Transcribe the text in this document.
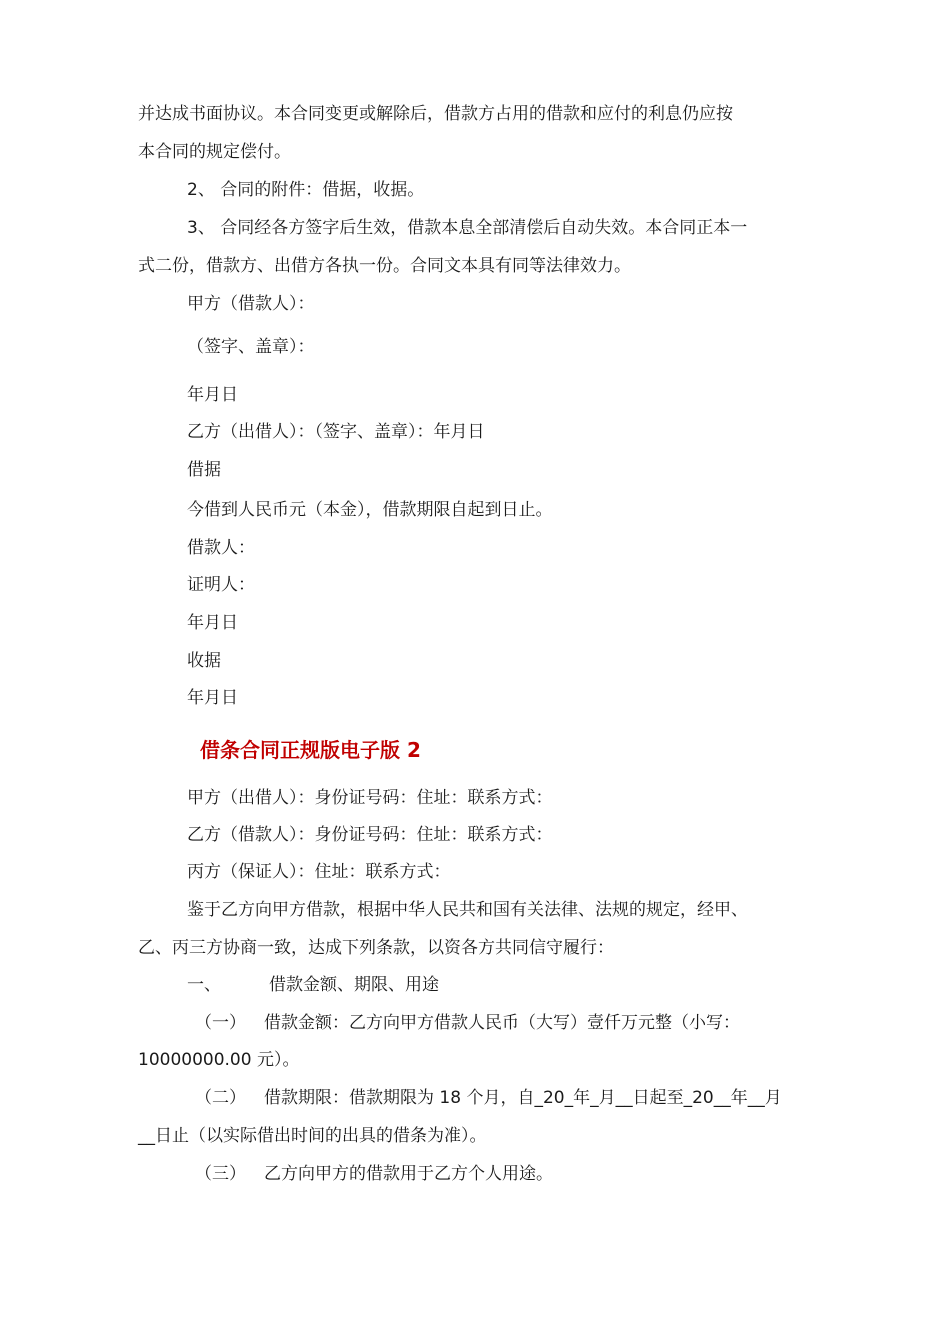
并达成书面协议。本合同变更或解除后，借款方占用的借款和应付的利息仍应按
本合同的规定偿付。
2、 合同的附件：借据，收据。
3、 合同经各方签字后生效，借款本息全部清偿后自动失效。本合同正本一
式二份，借款方、出借方各执一份。合同文本具有同等法律效力。
甲方（借款人）：
（签字、盖章）：
年月日
乙方（出借人）：（签字、盖章）：年月日
借据
今借到人民币元（本金），借款期限自起到日止。
借款人：
证明人：
年月日
收据
年月日
借条合同正规版电子版 2
甲方（出借人）：身份证号码：住址：联系方式：
乙方（借款人）：身份证号码：住址：联系方式：
丙方（保证人）：住址：联系方式：
鉴于乙方向甲方借款，根据中华人民共和国有关法律、法规的规定，经甲、
乙、丙三方协商一致，达成下列条款，以资各方共同信守履行：
一、	借款金额、期限、用途
（一） 借款金额：乙方向甲方借款人民币（大写）壹仟万元整（小写：
10000000.00 元）。
（二） 借款期限：借款期限为 18 个月，自_20_年_月__日起至_20__年__月
__日止（以实际借出时间的出具的借条为准）。
（三） 乙方向甲方的借款用于乙方个人用途。
